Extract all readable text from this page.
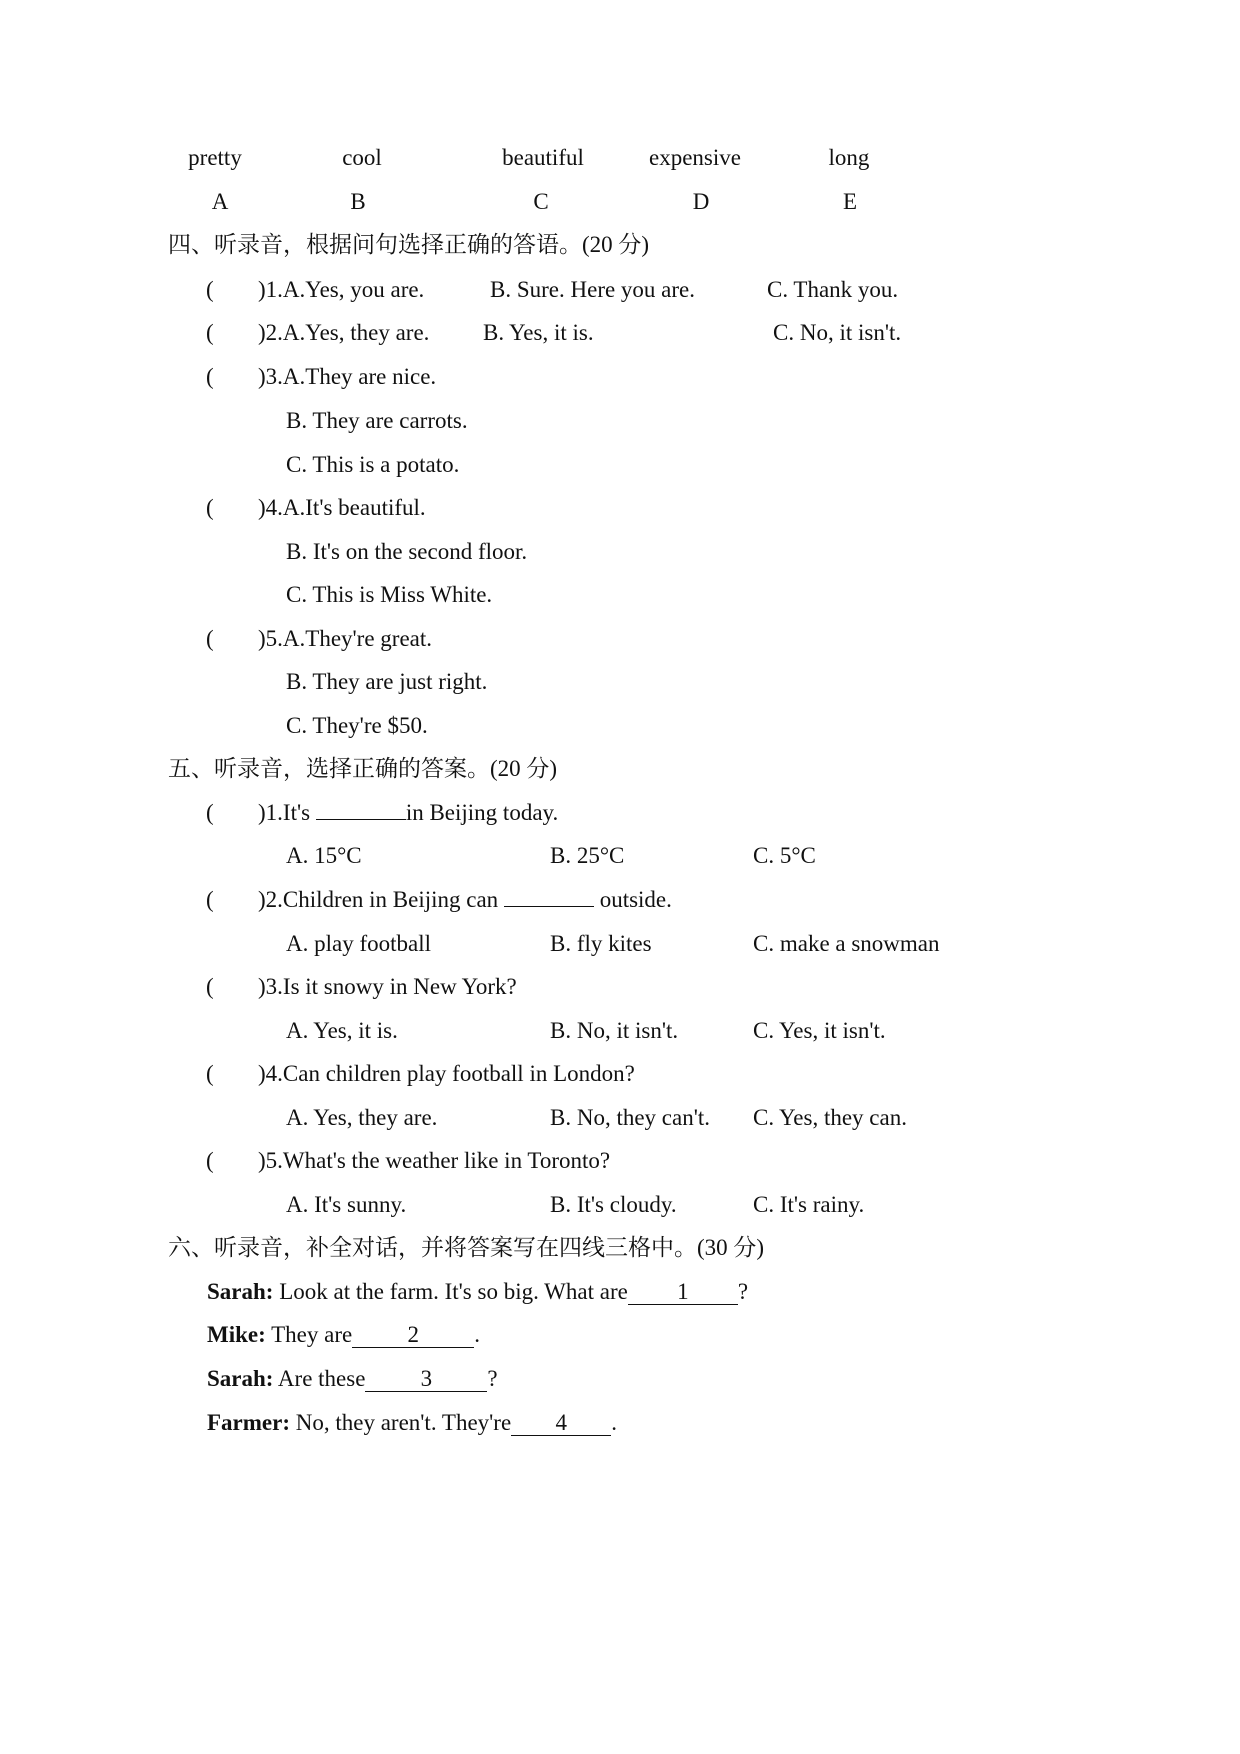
pretty	cool	beautiful	expensive	long
A	B	C	D	E
四、听录音，根据问句选择正确的答语。(20 分)
( )1.A.Yes, you are.	B. Sure. Here you are.	C. Thank you.
( )2.A.Yes, they are. B. Yes, it is.	C. No, it isn't.
( )3.A.They are nice.
B. They are carrots.
C. This is a potato.
( )4.A.It's beautiful.
B. It's on the second floor.
C. This is Miss White.
( )5.A.They're great.
B. They are just right.
C. They're $50.
五、听录音，选择正确的答案。(20 分)
( )1.It's	in Beijing today.
A. 15°C	B. 25°C	C. 5°C
( )2.Children in Beijing can	outside.
A. play football	B. fly kites	C. make a snowman
( )3.Is it snowy in New York?
A. Yes, it is.	B. No, it isn't.	C. Yes, it isn't.
( )4.Can children play football in London?
A. Yes, they are.	B. No, they can't. C. Yes, they can.
( )5.What's the weather like in Toronto?
A. It's sunny.	B. It's cloudy.	C. It's rainy.
六、听录音，补全对话，并将答案写在四线三格中。(30 分)
Sarah: Look at the farm. It's so big. What are 1 ?
Mike: They are 2 .
Sarah: Are these 3 ?
Farmer: No, they aren't. They're 4 .
